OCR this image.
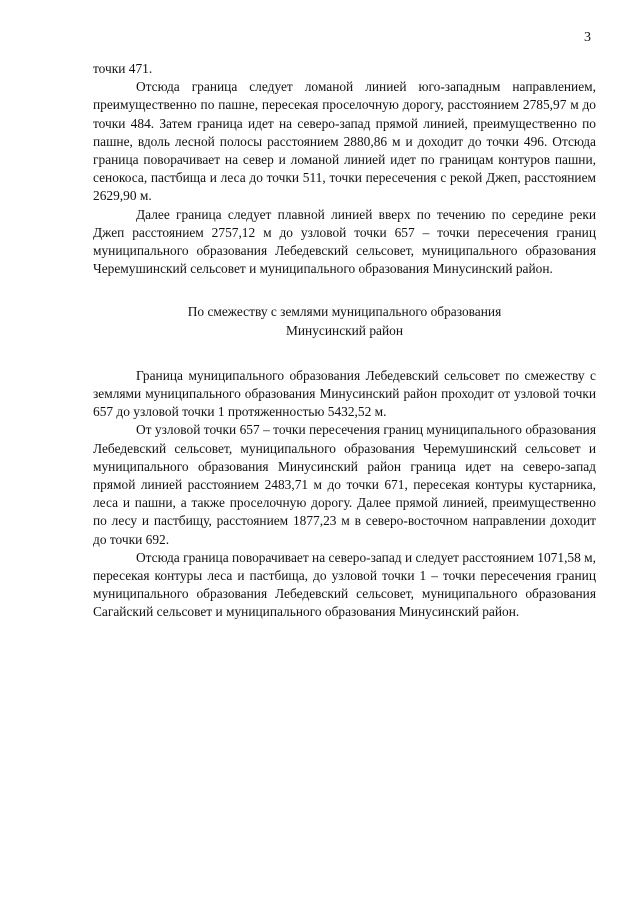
3

точки 471.

Отсюда граница следует ломаной линией юго-западным направлением, преимущественно по пашне, пересекая проселочную дорогу, расстоянием 2785,97 м до точки 484. Затем граница идет на северо-запад прямой линией, преимущественно по пашне, вдоль лесной полосы расстоянием 2880,86 м и доходит до точки 496. Отсюда граница поворачивает на север и ломаной линией идет по границам контуров пашни, сенокоса, пастбища и леса до точки 511, точки пересечения с рекой Джеп, расстоянием 2629,90 м.

Далее граница следует плавной линией вверх по течению по середине реки Джеп расстоянием 2757,12 м до узловой точки 657 – точки пересечения границ муниципального образования Лебедевский сельсовет, муниципального образования Черемушинский сельсовет и муниципального образования Минусинский район.

По смежеству с землями муниципального образования
Минусинский район

Граница муниципального образования Лебедевский сельсовет по смежеству с землями муниципального образования Минусинский район проходит от узловой точки 657 до узловой точки 1 протяженностью 5432,52 м.

От узловой точки 657 – точки пересечения границ муниципального образования Лебедевский сельсовет, муниципального образования Черемушинский сельсовет и муниципального образования Минусинский район граница идет на северо-запад прямой линией расстоянием 2483,71 м до точки 671, пересекая контуры кустарника, леса и пашни, а также проселочную дорогу. Далее прямой линией, преимущественно по лесу и пастбищу, расстоянием 1877,23 м в северо-восточном направлении доходит до точки 692.

Отсюда граница поворачивает на северо-запад и следует расстоянием 1071,58 м, пересекая контуры леса и пастбища, до узловой точки 1 – точки пересечения границ муниципального образования Лебедевский сельсовет, муниципального образования Сагайский сельсовет и муниципального образования Минусинский район.
